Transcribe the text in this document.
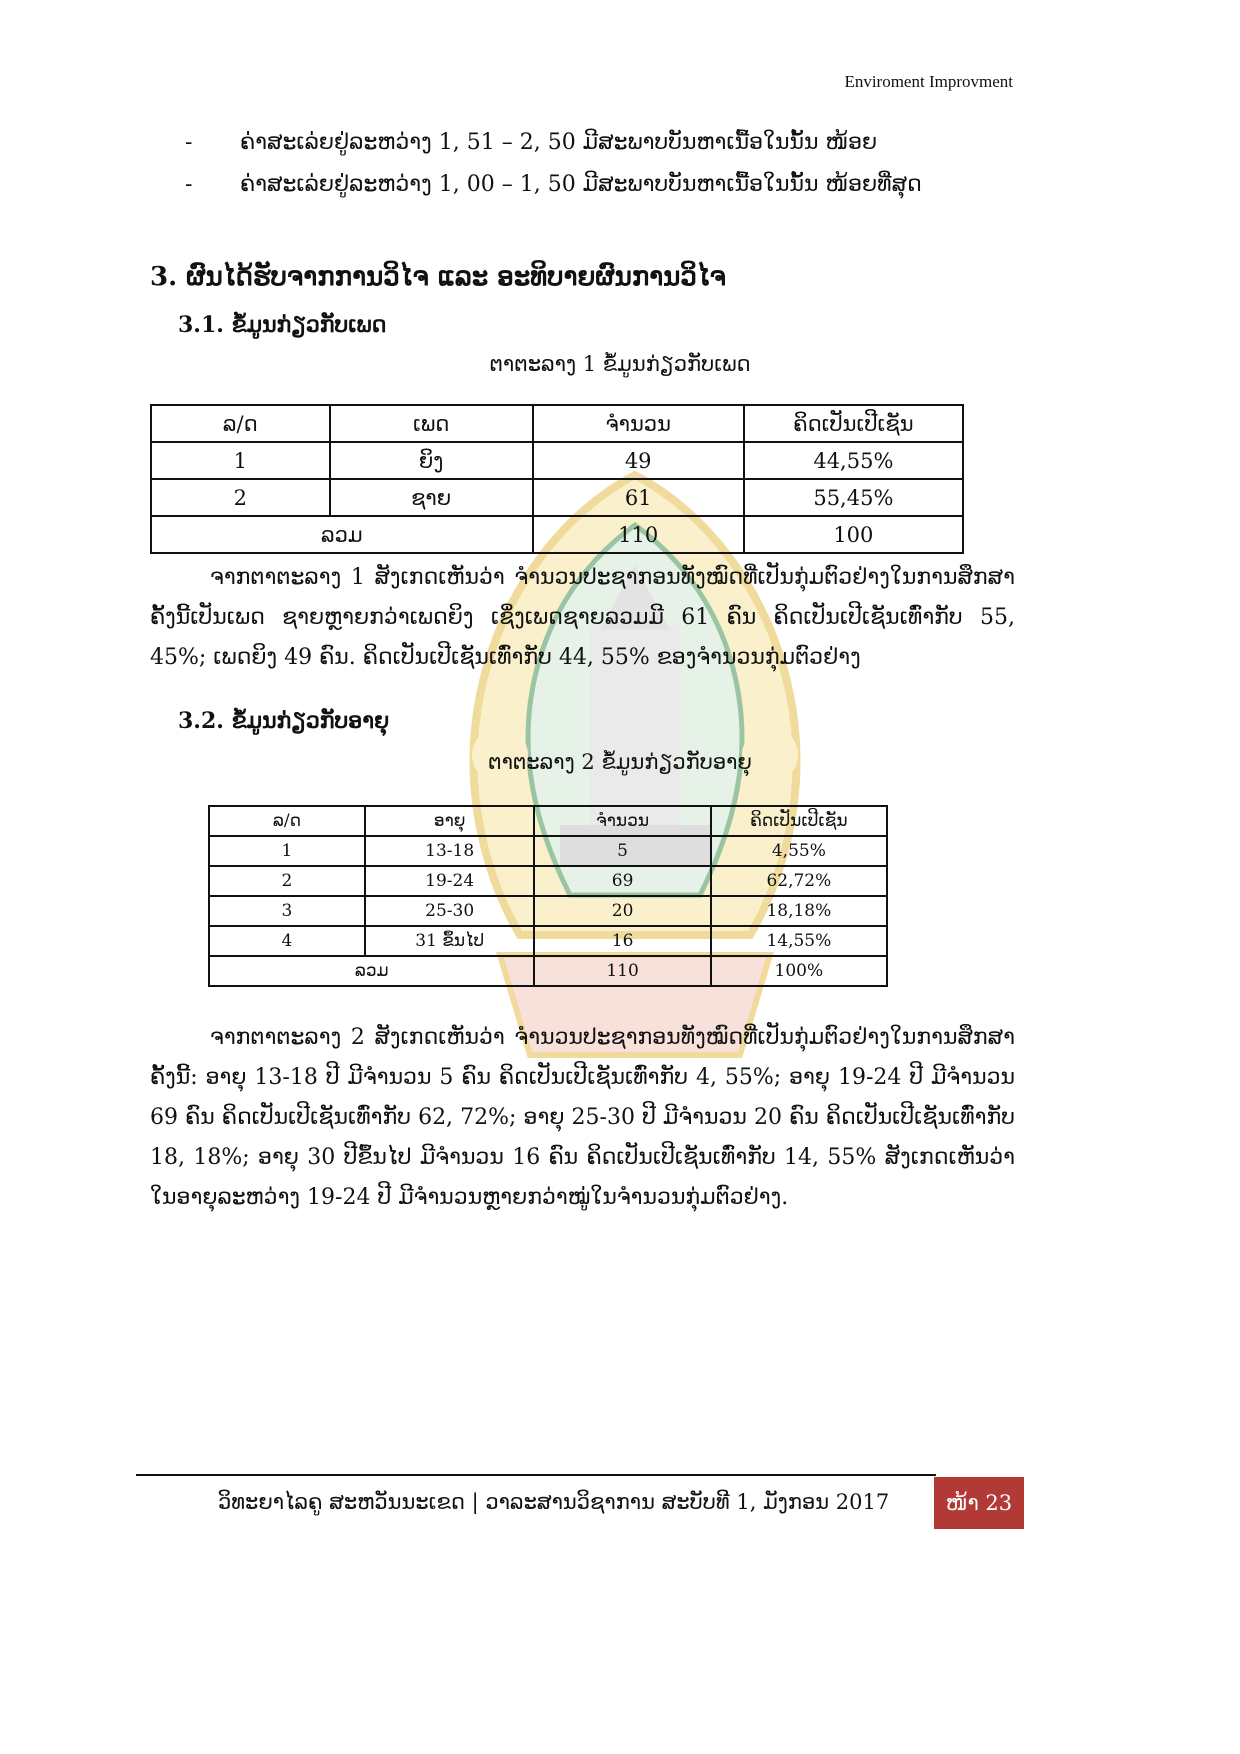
Enviroment Improvment
-	ຄ່າສະເລ່ຍຢູ່ລະຫວ່າງ 1, 51 – 2, 50 ມີສະພາບບັນຫາເນື້ອໃນນັ້ນ ໜ້ອຍ
-	ຄ່າສະເລ່ຍຢູ່ລະຫວ່າງ 1, 00 – 1, 50 ມີສະພາບບັນຫາເນື້ອໃນນັ້ນ ໜ້ອຍທີ່ສຸດ
3. ຜົນໄດ້ຮັບຈາກການວິໄຈ ແລະ ອະທິບາຍຜົນການວິໄຈ
3.1. ຂໍ້ມູນກ່ຽວກັບເພດ
ຕາຕະລາງ 1 ຂໍ້ມູນກ່ຽວກັບເພດ
ລ/ດ	ເພດ	ຈຳນວນ	ຄິດເປັນເປີເຊັນ
1	ຍິງ	49	44,55%
2	ຊາຍ	61	55,45%
ລວມ		110	100

ຈາກຕາຕະລາງ 1 ສັງເກດເຫັນວ່າ ຈຳນວນປະຊາກອນທັງໝົດທີ່ເປັນກຸ່ມຕົວຢ່າງໃນການສຶກສາຄັ້ງນີ້ເປັນເພດ ຊາຍຫຼາຍກວ່າເພດຍິງ ເຊິ່ງເພດຊາຍລວມມີ 61 ຄົນ ຄິດເປັນເປີເຊັນເທົ່າກັບ 55, 45%; ເພດຍິງ 49 ຄົນ. ຄິດເປັນເປີເຊັນເທົ່າກັບ 44, 55% ຂອງຈຳນວນກຸ່ມຕົວຢ່າງ

3.2. ຂໍ້ມູນກ່ຽວກັບອາຍຸ
ຕາຕະລາງ 2 ຂໍ້ມູນກ່ຽວກັບອາຍຸ
ລ/ດ	ອາຍຸ	ຈຳນວນ	ຄິດເປັນເປີເຊັນ
1	13-18	5	4,55%
2	19-24	69	62,72%
3	25-30	20	18,18%
4	31 ຂຶ້ນໄປ	16	14,55%
ລວມ		110	100%

ຈາກຕາຕະລາງ 2 ສັງເກດເຫັນວ່າ ຈຳນວນປະຊາກອນທັງໝົດທີ່ເປັນກຸ່ມຕົວຢ່າງໃນການສຶກສາຄັ້ງນີ້: ອາຍຸ 13-18 ປີ ມີຈຳນວນ 5 ຄົນ ຄິດເປັນເປີເຊັນເທົ່າກັບ 4, 55%; ອາຍຸ 19-24 ປີ ມີຈຳນວນ 69 ຄົນ ຄິດເປັນເປີເຊັນເທົ່າກັບ 62, 72%; ອາຍຸ 25-30 ປີ ມີຈຳນວນ 20 ຄົນ ຄິດເປັນເປີເຊັນເທົ່າກັບ 18, 18%; ອາຍຸ 30 ປີຂຶ້ນໄປ ມີຈຳນວນ 16 ຄົນ ຄິດເປັນເປີເຊັນເທົ່າກັບ 14, 55% ສັງເກດເຫັນວ່າ ໃນອາຍຸລະຫວ່າງ 19-24 ປີ ມີຈຳນວນຫຼາຍກວ່າໝູ່ໃນຈຳນວນກຸ່ມຕົວຢ່າງ.

ວິທະຍາໄລຄູ ສະຫວັນນະເຂດ | ວາລະສານວິຊາການ ສະບັບທີ 1, ມັງກອນ 2017	ໜ້າ 23
